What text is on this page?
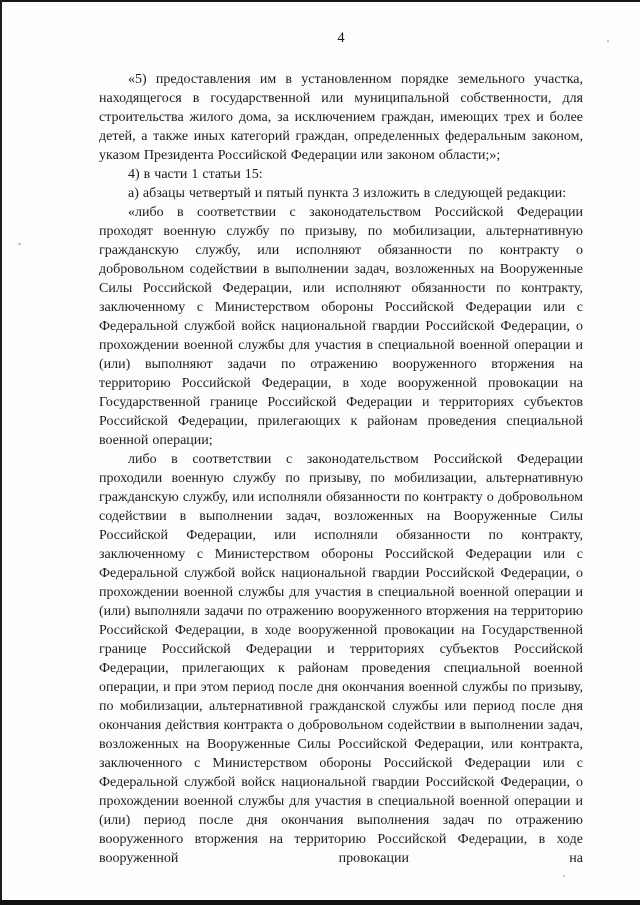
4

«5) предоставления им в установленном порядке земельного участка, находящегося в государственной или муниципальной собственности, для строительства жилого дома, за исключением граждан, имеющих трех и более детей, а также иных категорий граждан, определенных федеральным законом, указом Президента Российской Федерации или законом области;»;

4) в части 1 статьи 15:

а) абзацы четвертый и пятый пункта 3 изложить в следующей редакции:

«либо в соответствии с законодательством Российской Федерации проходят военную службу по призыву, по мобилизации, альтернативную гражданскую службу, или исполняют обязанности по контракту о добровольном содействии в выполнении задач, возложенных на Вооруженные Силы Российской Федерации, или исполняют обязанности по контракту, заключенному с Министерством обороны Российской Федерации или с Федеральной службой войск национальной гвардии Российской Федерации, о прохождении военной службы для участия в специальной военной операции и (или) выполняют задачи по отражению вооруженного вторжения на территорию Российской Федерации, в ходе вооруженной провокации на Государственной границе Российской Федерации и территориях субъектов Российской Федерации, прилегающих к районам проведения специальной военной операции;

либо в соответствии с законодательством Российской Федерации проходили военную службу по призыву, по мобилизации, альтернативную гражданскую службу, или исполняли обязанности по контракту о добровольном содействии в выполнении задач, возложенных на Вооруженные Силы Российской Федерации, или исполняли обязанности по контракту, заключенному с Министерством обороны Российской Федерации или с Федеральной службой войск национальной гвардии Российской Федерации, о прохождении военной службы для участия в специальной военной операции и (или) выполняли задачи по отражению вооруженного вторжения на территорию Российской Федерации, в ходе вооруженной провокации на Государственной границе Российской Федерации и территориях субъектов Российской Федерации, прилегающих к районам проведения специальной военной операции, и при этом период после дня окончания военной службы по призыву, по мобилизации, альтернативной гражданской службы или период после дня окончания действия контракта о добровольном содействии в выполнении задач, возложенных на Вооруженные Силы Российской Федерации, или контракта, заключенного с Министерством обороны Российской Федерации или с Федеральной службой войск национальной гвардии Российской Федерации, о прохождении военной службы для участия в специальной военной операции и (или) период после дня окончания выполнения задач по отражению вооруженного вторжения на территорию Российской Федерации, в ходе вооруженной провокации на
